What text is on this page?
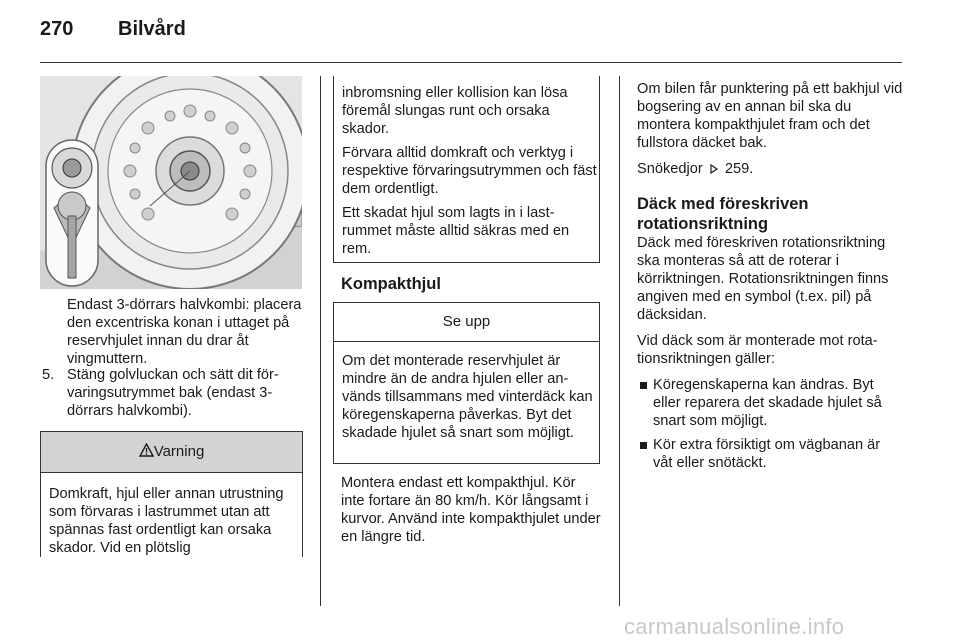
270 Bilvård
Endast 3-dörrars halvkombi: placera den excentriska konan i uttaget på reservhjulet innan du drar åt vingmuttern.
5. Stäng golvluckan och sätt dit förvaringsutrymmet bak (endast 3-dörrars halvkombi).
Varning
Domkraft, hjul eller annan utrustning som förvaras i lastrummet utan att spännas fast ordentligt kan orsaka skador. Vid en plötslig

inbromsning eller kollision kan lösa föremål slungas runt och orsaka skador.

Förvara alltid domkraft och verktyg i respektive förvaringsutrymmen och fäst dem ordentligt.

Ett skadat hjul som lagts in i lastrummet måste alltid säkras med en rem.

Kompakthjul
Se upp
Om det monterade reservhjulet är mindre än de andra hjulen eller används tillsammans med vinterdäck kan köregenskaperna påverkas. Byt det skadade hjulet så snart som möjligt.
Montera endast ett kompakthjul. Kör inte fortare än 80 km/h. Kör långsamt i kurvor. Använd inte kompakthjulet under en längre tid.
Om bilen får punktering på ett bakhjul vid bogsering av en annan bil ska du montera kompakthjulet fram och det fullstora däcket bak.
Snökedjor 259.
Däck med föreskriven rotationsriktning
Däck med föreskriven rotationsriktning ska monteras så att de roterar i körriktningen. Rotationsriktningen finns angiven med en symbol (t.ex. pil) på däcksidan.
Vid däck som är monterade mot rotationsriktningen gäller:
Köregenskaperna kan ändras. Byt eller reparera det skadade hjulet så snart som möjligt.
Kör extra försiktigt om vägbanan är våt eller snötäckt.
carmanualsonline.info
